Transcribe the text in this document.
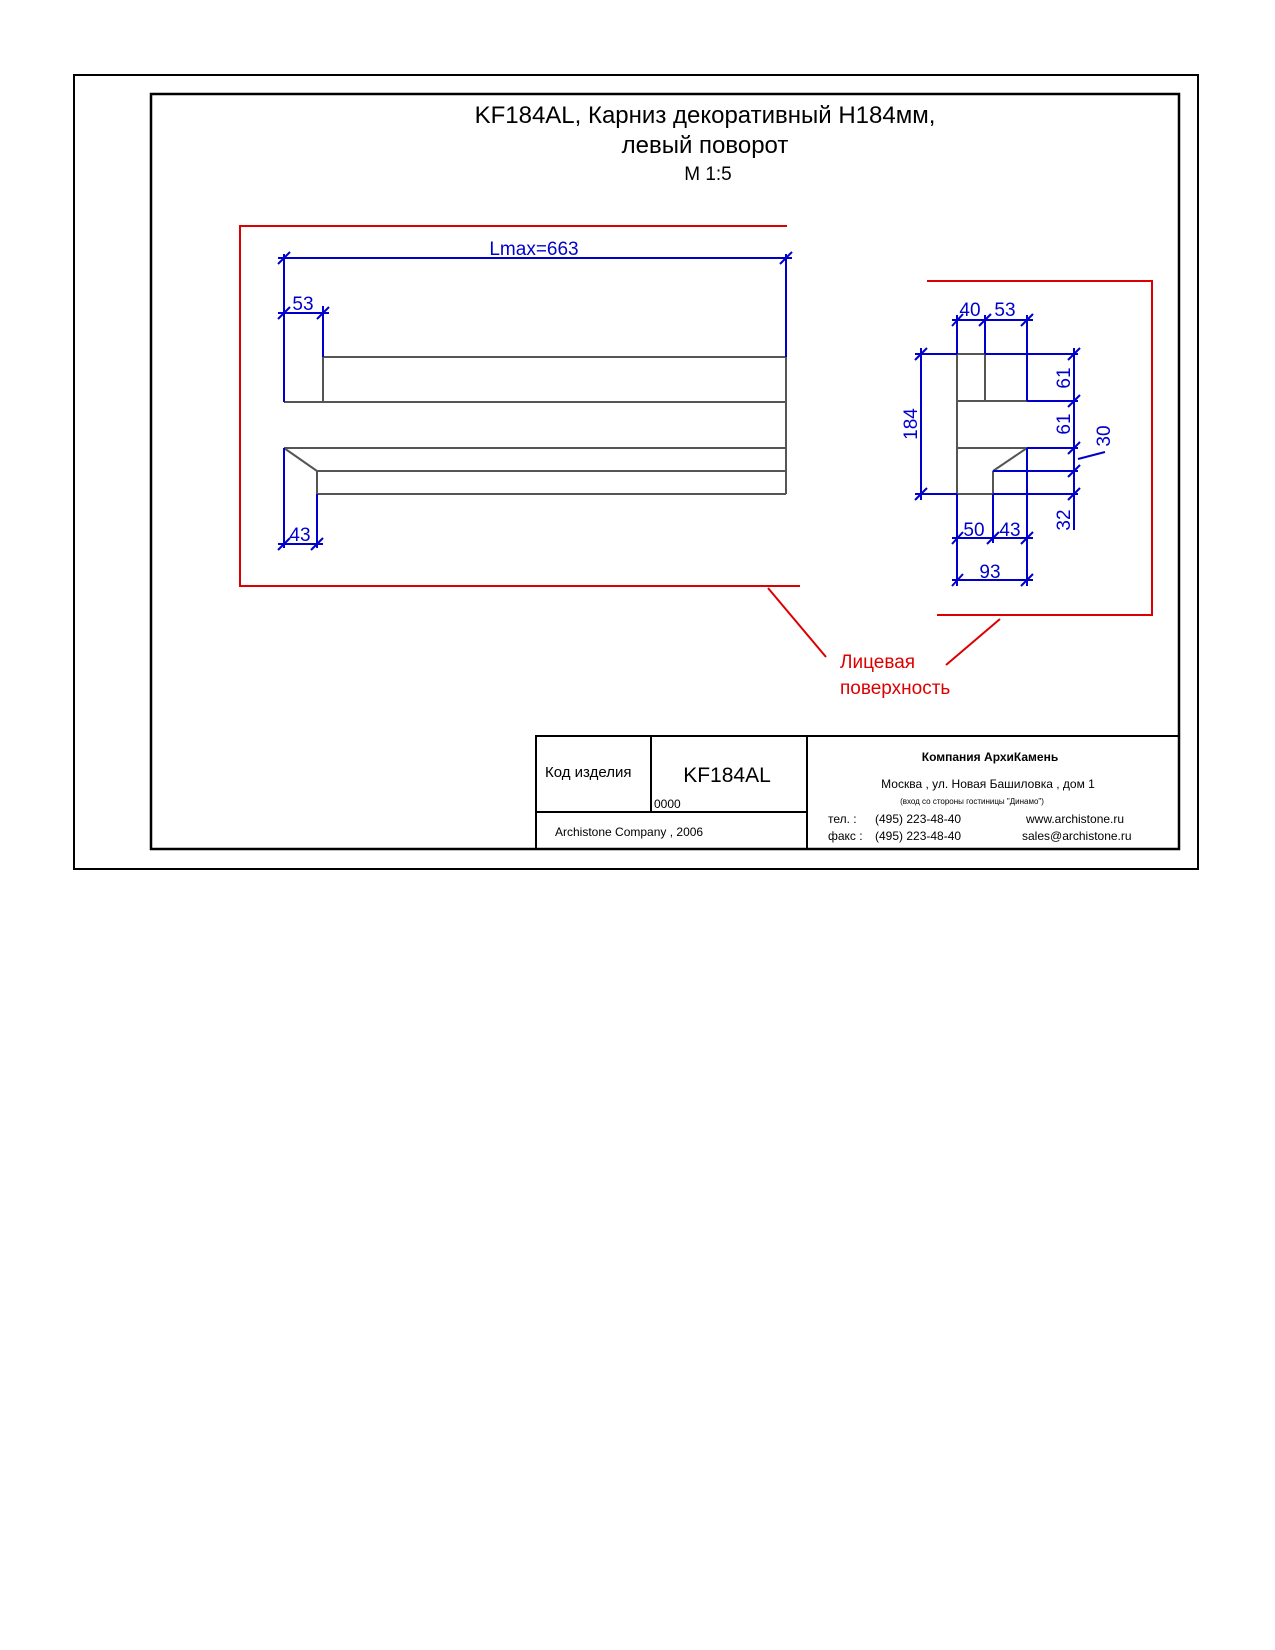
KF184AL, Карниз декоративный Н184мм,
левый поворот
М 1:5
Lmax=663
53
43
40 53
184
61
61
32
30
50 43
93
Лицевая
поверхность
Код изделия KF184AL
0000
Archistone Company , 2006
Компания АрхиКамень
Москва , ул. Новая Башиловка , дом 1
(вход со стороны гостиницы "Динамо")
тел. : (495) 223-48-40
факс : (495) 223-48-40
www.archistone.ru
sales@archistone.ru
